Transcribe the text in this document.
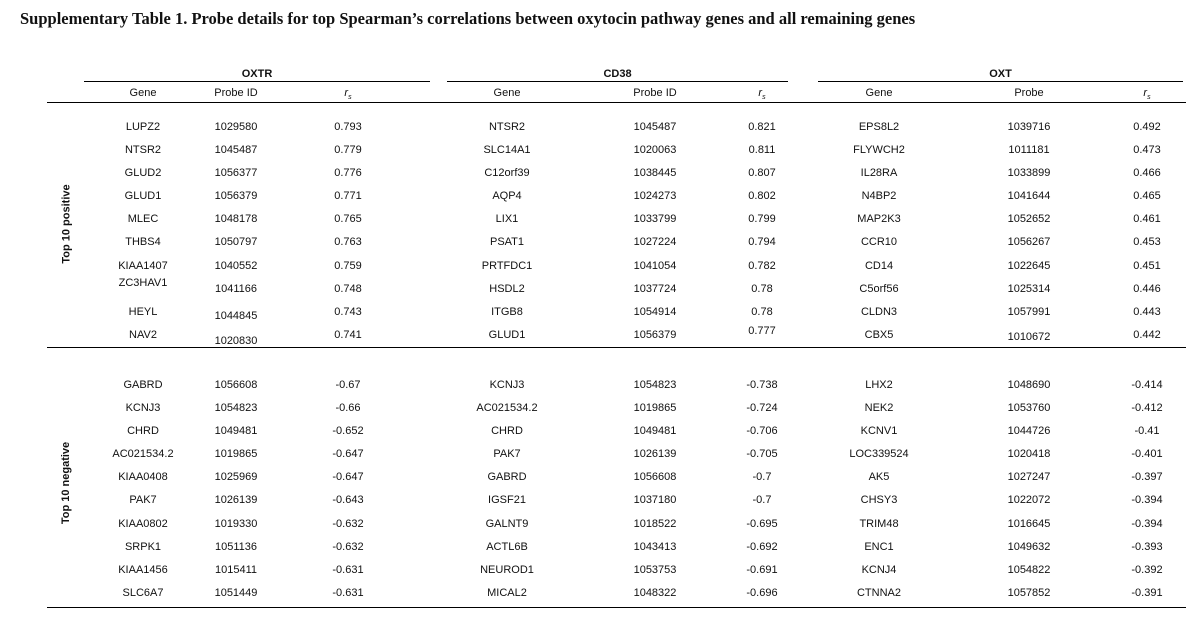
Supplementary Table 1. Probe details for top Spearman’s correlations between oxytocin pathway genes and all remaining genes
OXTR
Gene	Probe ID	$r_s$
CD38
Gene	Probe ID	$r_s$
OXT
Gene	Probe	$r_s$
Top 10 positive
LUPZ2	1029580	0.793	NTSR2	1045487	0.821	EPS8L2	1039716	0.492
NTSR2	1045487	0.779	SLC14A1	1020063	0.811	FLYWCH2	1011181	0.473
GLUD2	1056377	0.776	C12orf39	1038445	0.807	IL28RA	1033899	0.466
GLUD1	1056379	0.771	AQP4	1024273	0.802	N4BP2	1041644	0.465
MLEC	1048178	0.765	LIX1	1033799	0.799	MAP2K3	1052652	0.461
THBS4	1050797	0.763	PSAT1	1027224	0.794	CCR10	1056267	0.453
KIAA1407	1040552	0.759	PRTFDC1	1041054	0.782	CD14	1022645	0.451
ZC3HAV1	1041166	0.748	HSDL2	1037724	0.78	C5orf56	1025314	0.446
HEYL	1044845	0.743	ITGB8	1054914	0.78	CLDN3	1057991	0.443
NAV2	1020830	0.741	GLUD1	1056379	0.777	CBX5	1010672	0.442
Top 10 negative
GABRD	1056608	-0.67	KCNJ3	1054823	-0.738	LHX2	1048690	-0.414
KCNJ3	1054823	-0.66	AC021534.2	1019865	-0.724	NEK2	1053760	-0.412
CHRD	1049481	-0.652	CHRD	1049481	-0.706	KCNV1	1044726	-0.41
AC021534.2	1019865	-0.647	PAK7	1026139	-0.705	LOC339524	1020418	-0.401
KIAA0408	1025969	-0.647	GABRD	1056608	-0.7	AK5	1027247	-0.397
PAK7	1026139	-0.643	IGSF21	1037180	-0.7	CHSY3	1022072	-0.394
KIAA0802	1019330	-0.632	GALNT9	1018522	-0.695	TRIM48	1016645	-0.394
SRPK1	1051136	-0.632	ACTL6B	1043413	-0.692	ENC1	1049632	-0.393
KIAA1456	1015411	-0.631	NEUROD1	1053753	-0.691	KCNJ4	1054822	-0.392
SLC6A7	1051449	-0.631	MICAL2	1048322	-0.696	CTNNA2	1057852	-0.391
